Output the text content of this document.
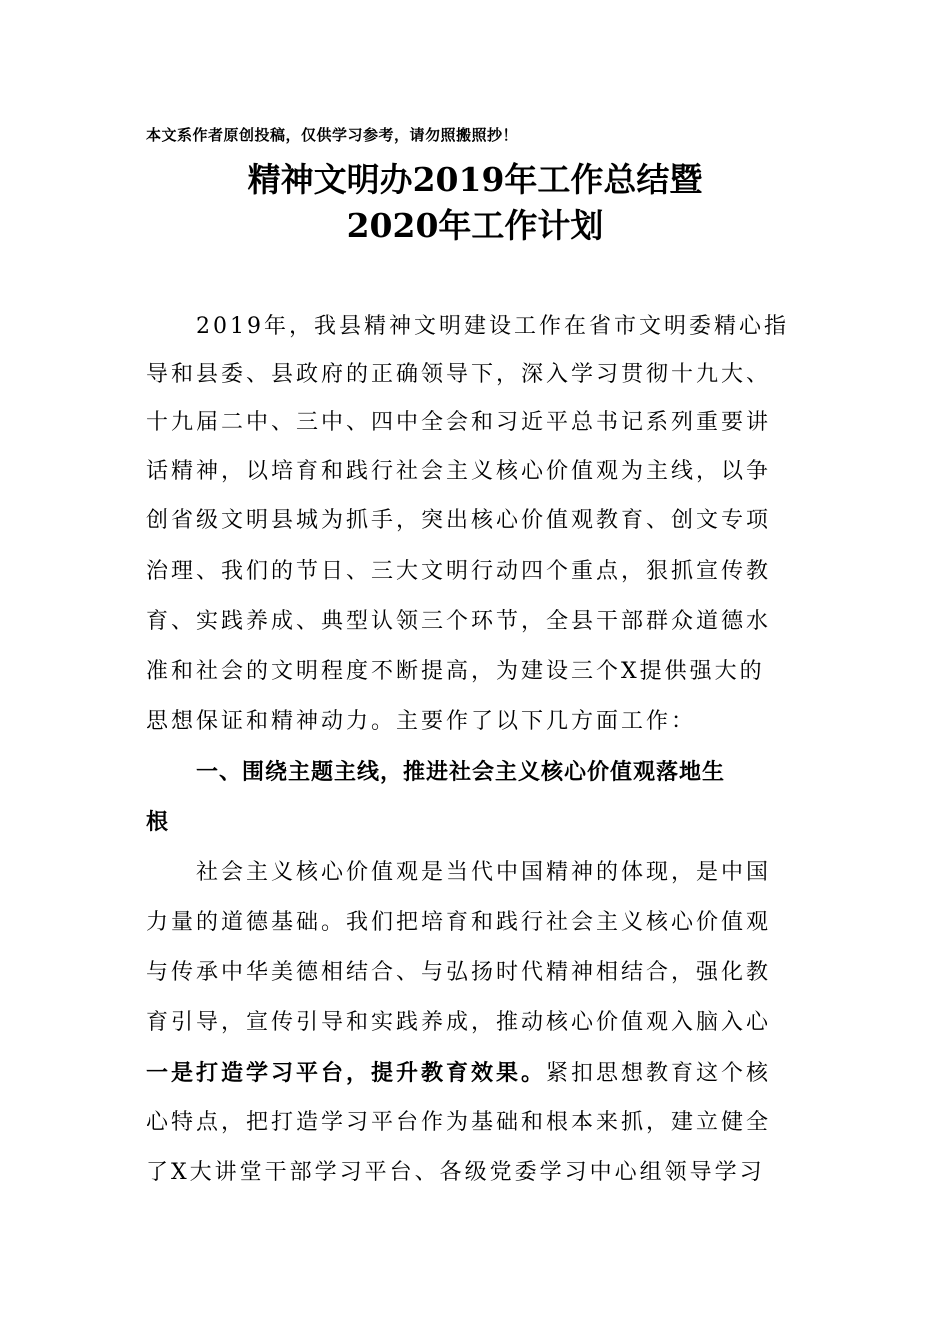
本文系作者原创投稿，仅供学习参考，请勿照搬照抄！
精神文明办2019年工作总结暨
2020年工作计划
2019年，我县精神文明建设工作在省市文明委精心指
导和县委、县政府的正确领导下，深入学习贯彻十九大、
十九届二中、三中、四中全会和习近平总书记系列重要讲
话精神，以培育和践行社会主义核心价值观为主线，以争
创省级文明县城为抓手，突出核心价值观教育、创文专项
治理、我们的节日、三大文明行动四个重点，狠抓宣传教
育、实践养成、典型认领三个环节，全县干部群众道德水
准和社会的文明程度不断提高，为建设三个X提供强大的
思想保证和精神动力。主要作了以下几方面工作：
一、围绕主题主线，推进社会主义核心价值观落地生
根
社会主义核心价值观是当代中国精神的体现，是中国
力量的道德基础。我们把培育和践行社会主义核心价值观
与传承中华美德相结合、与弘扬时代精神相结合，强化教
育引导，宣传引导和实践养成，推动核心价值观入脑入心
一是打造学习平台，提升教育效果。紧扣思想教育这个核
心特点，把打造学习平台作为基础和根本来抓，建立健全
了X大讲堂干部学习平台、各级党委学习中心组领导学习
